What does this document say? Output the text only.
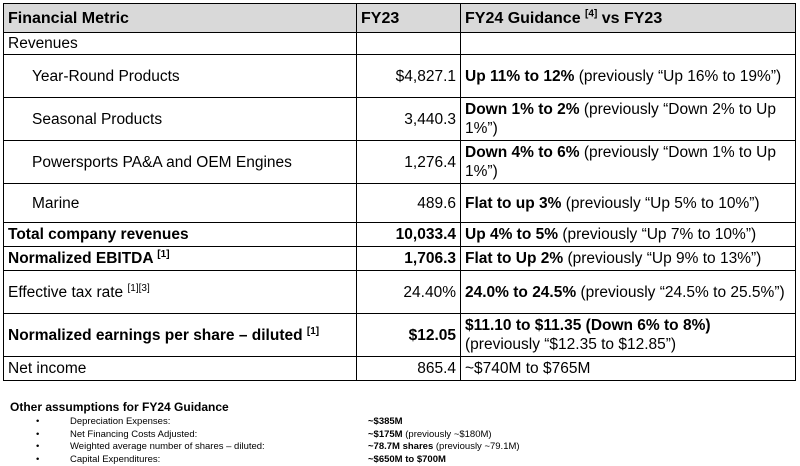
Financial Metric	FY23	FY24 Guidance [4] vs FY23
Revenues		
Year-Round Products	$4,827.1	Up 11% to 12% (previously “Up 16% to 19%”)
Seasonal Products	3,440.3	Down 1% to 2% (previously “Down 2% to Up 1%”)
Powersports PA&A and OEM Engines	1,276.4	Down 4% to 6% (previously “Down 1% to Up 1%”)
Marine	489.6	Flat to up 3% (previously “Up 5% to 10%”)
Total company revenues	10,033.4	Up 4% to 5% (previously “Up 7% to 10%”)
Normalized EBITDA [1]	1,706.3	Flat to Up 2% (previously “Up 9% to 13%”)
Effective tax rate [1][3]	24.40%	24.0% to 24.5% (previously “24.5% to 25.5%”)
Normalized earnings per share – diluted [1]	$12.05	$11.10 to $11.35 (Down 6% to 8%)
(previously “$12.35 to $12.85”)
Net income	865.4	~$740M to $765M
Other assumptions for FY24 Guidance
•	Depreciation Expenses:	~$385M
•	Net Financing Costs Adjusted:	~$175M (previously ~$180M)
•	Weighted average number of shares – diluted:	~78.7M shares (previously ~79.1M)
•	Capital Expenditures:	~$650M to $700M
